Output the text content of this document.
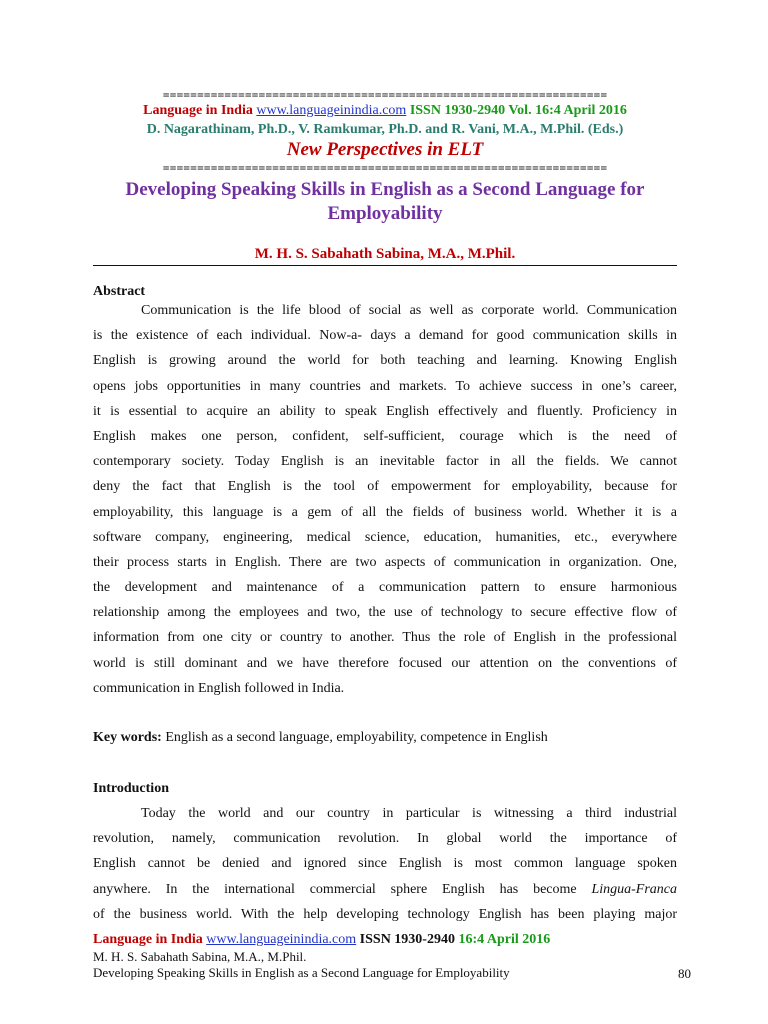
=================================================================
Language in India www.languageinindia.com ISSN 1930-2940 Vol. 16:4 April 2016
D. Nagarathinam, Ph.D., V. Ramkumar, Ph.D. and R. Vani, M.A., M.Phil. (Eds.)
New Perspectives in ELT
=================================================================
Developing Speaking Skills in English as a Second Language for Employability
M. H. S. Sabahath Sabina, M.A., M.Phil.
Abstract
Communication is the life blood of social as well as corporate world. Communication
is the existence of each individual. Now-a- days a demand for good communication skills in
English is growing around the world for both teaching and learning. Knowing English
opens jobs opportunities in many countries and markets. To achieve success in one’s career,
it is essential to acquire an ability to speak English effectively and fluently. Proficiency in
English makes one person, confident, self-sufficient, courage which is the need of
contemporary society. Today English is an inevitable factor in all the fields. We cannot
deny the fact that English is the tool of empowerment for employability, because for
employability, this language is a gem of all the fields of business world. Whether it is a
software company, engineering, medical science, education, humanities, etc., everywhere
their process starts in English. There are two aspects of communication in organization. One,
the development and maintenance of a communication pattern to ensure harmonious
relationship among the employees and two, the use of technology to secure effective flow of
information from one city or country to another. Thus the role of English in the professional
world is still dominant and we have therefore focused our attention on the conventions of
communication in English followed in India.
Key words: English as a second language, employability, competence in English
Introduction
Today the world and our country in particular is witnessing a third industrial
revolution, namely, communication revolution. In global world the importance of
English cannot be denied and ignored since English is most common language spoken
anywhere. In the international commercial sphere English has become Lingua-Franca
of the business world. With the help developing technology English has been playing major
Language in India www.languageinindia.com ISSN 1930-2940 16:4 April 2016
M. H. S. Sabahath Sabina, M.A., M.Phil.
Developing Speaking Skills in English as a Second Language for Employability	80
